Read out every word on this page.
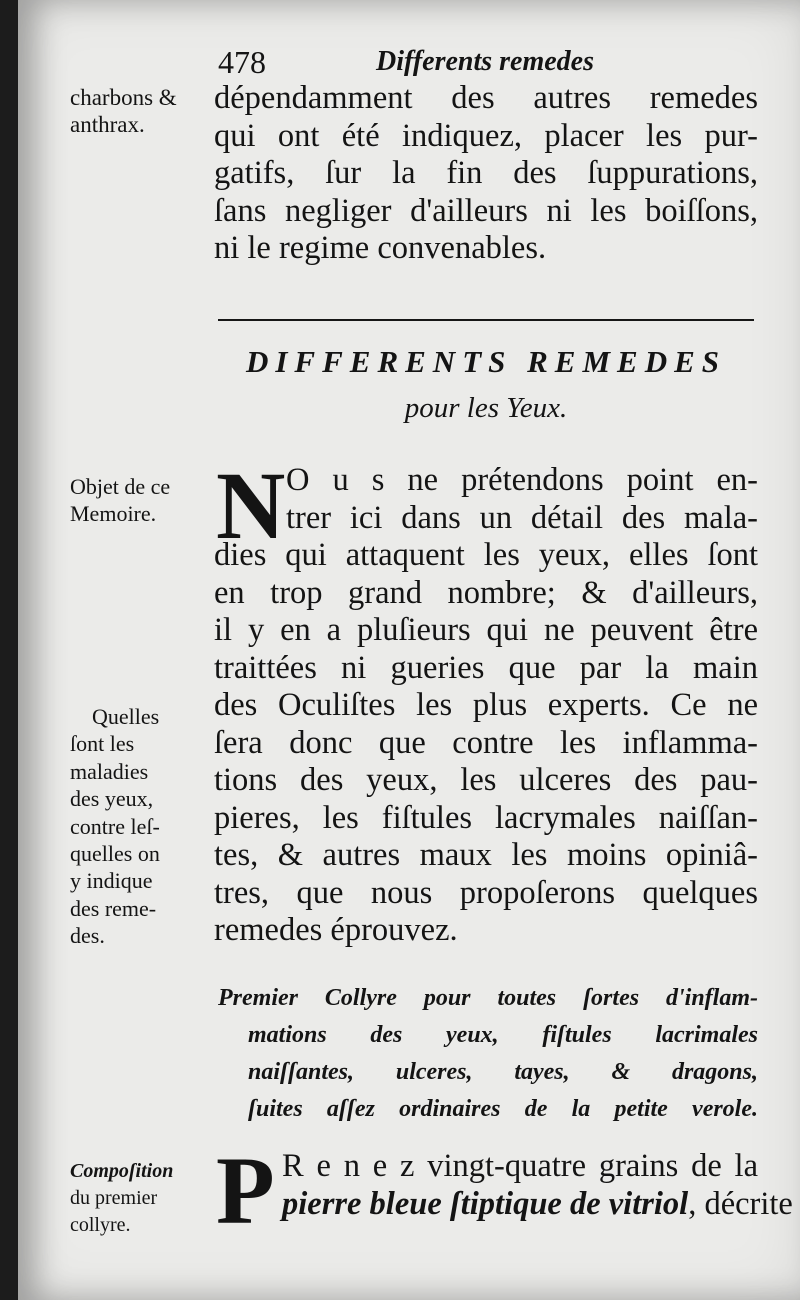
478	Differents remedes
charbons &
anthrax.
dépendamment des autres remedes
qui ont été indiquez, placer les pur-
gatifs, ſur la fin des ſuppurations,
ſans negliger d'ailleurs ni les boiſſons,
ni le regime convenables.
DIFFERENTS REMEDES
pour les Yeux.
Objet de ce
Memoire. N O u s ne prétendons point en-
trer ici dans un détail des mala-
dies qui attaquent les yeux, elles ſont
en trop grand nombre; & d'ailleurs,
il y en a pluſieurs qui ne peuvent être
traittées ni gueries que par la main
des Oculiſtes les plus experts. Ce ne
ſera donc que contre les inflamma-
tions des yeux, les ulceres des pau-
pieres, les fiſtules lacrymales naiſſan-
tes, & autres maux les moins opiniâ-
tres, que nous propoſerons quelques
remedes éprouvez.
Quelles
ſont les
maladies
des yeux,
contre leſ-
quelles on
y indique
des reme-
des.
Premier Collyre pour toutes ſortes d'inflam-
mations des yeux, fiſtules lacrimales
naiſſantes, ulceres, tayes, & dragons,
ſuites aſſez ordinaires de la petite verole.
Compoſition
du premier
collyre. P R e n e z vingt-quatre grains de la
pierre bleue ſtiptique de vitriol, décrite
